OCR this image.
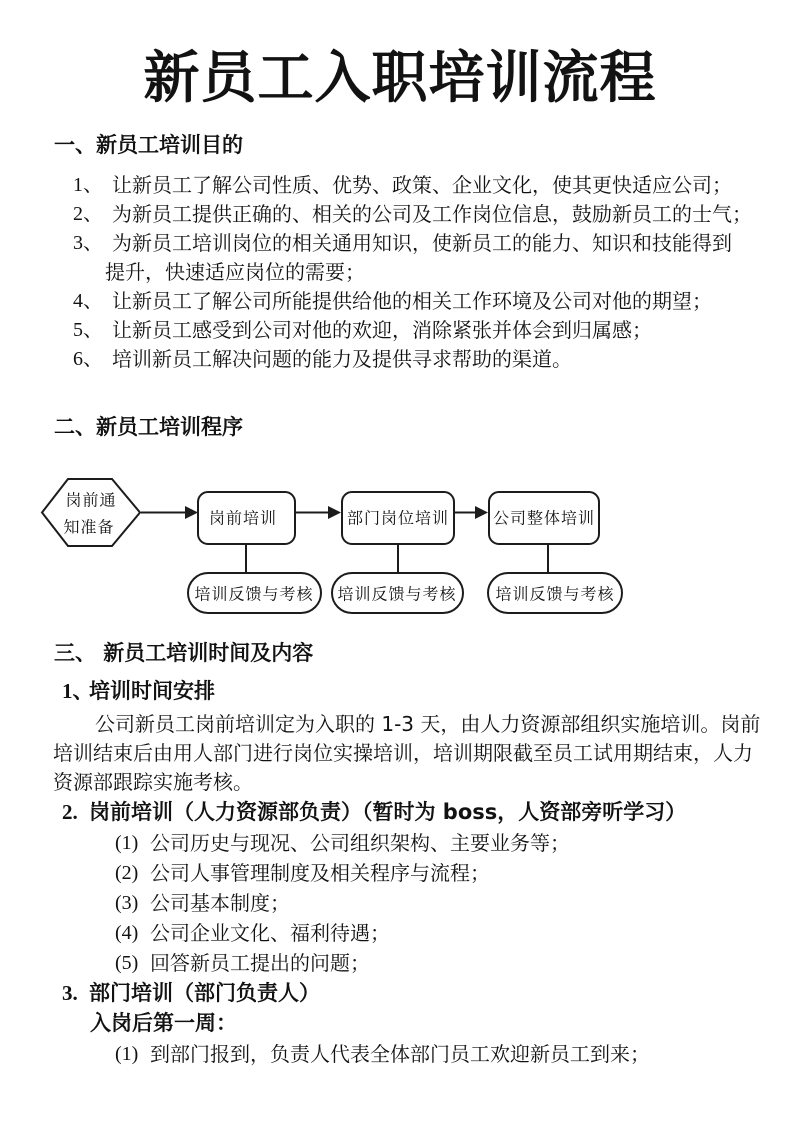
新员工入职培训流程
一、新员工培训目的
1、 让新员工了解公司性质、优势、政策、企业文化，使其更快适应公司；
2、 为新员工提供正确的、相关的公司及工作岗位信息，鼓励新员工的士气；
3、 为新员工培训岗位的相关通用知识，使新员工的能力、知识和技能得到
提升，快速适应岗位的需要；
4、 让新员工了解公司所能提供给他的相关工作环境及公司对他的期望；
5、 让新员工感受到公司对他的欢迎，消除紧张并体会到归属感；
6、 培训新员工解决问题的能力及提供寻求帮助的渠道。
二、新员工培训程序
岗前通
知准备	岗前培训	部门岗位培训	公司整体培训
培训反馈与考核 培训反馈与考核 培训反馈与考核
三、 新员工培训时间及内容
1、
培训时间安排
公司新员工岗前培训定为入职的 1-3 天，由人力资源部组织实施培训。岗前
培训结束后由用人部门进行岗位实操培训，培训期限截至员工试用期结束，人力
资源部跟踪实施考核。
2. 岗前培训（人力资源部负责）（暂时为 boss，人资部旁听学习）
(1) 公司历史与现况、公司组织架构、主要业务等；
(2) 公司人事管理制度及相关程序与流程；
(3) 公司基本制度；
(4) 公司企业文化、福利待遇；
(5) 回答新员工提出的问题；
3. 部门培训（部门负责人）
入岗后第一周：
(1) 到部门报到，负责人代表全体部门员工欢迎新员工到来；
